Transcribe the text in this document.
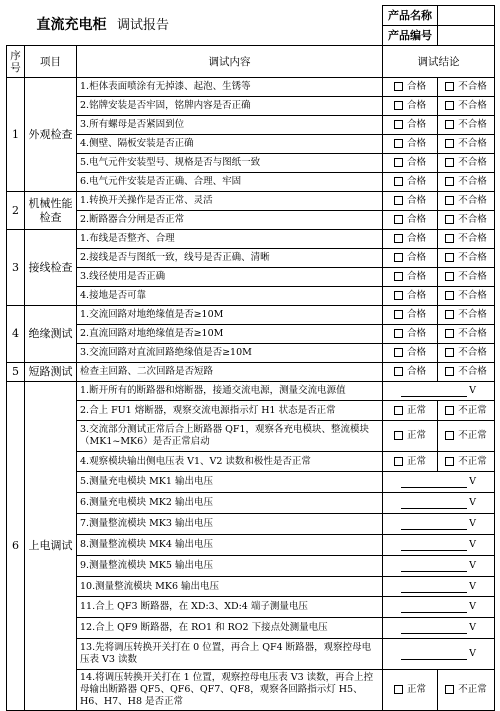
直流充电柜 调试报告			产品名称	
			产品编号	
序号	项目	调试内容	调试结论	
1	外观检查	1.柜体表面喷涂有无掉漆、起泡、生锈等	合格	不合格
		2.铭牌安装是否牢固，铭牌内容是否正确	合格	不合格
		3.所有螺母是否紧固到位	合格	不合格
		4.侧壁、隔板安装是否正确	合格	不合格
		5.电气元件安装型号、规格是否与图纸一致	合格	不合格
		6.电气元件安装是否正确、合理、牢固	合格	不合格
2	机械性能检查	1.转换开关操作是否正常、灵活	合格	不合格
		2.断路器合分闸是否正常	合格	不合格
3	接线检查	1.布线是否整齐、合理	合格	不合格
		2.接线是否与图纸一致，线号是否正确、清晰	合格	不合格
		3.线径使用是否正确	合格	不合格
		4.接地是否可靠	合格	不合格
4	绝缘测试	1.交流回路对地绝缘值是否≥10M	合格	不合格
		2.直流回路对地绝缘值是否≥10M	合格	不合格
		3.交流回路对直流回路绝缘值是否≥10M	合格	不合格
5	短路测试	检查主回路、二次回路是否短路	合格	不合格
6	上电调试	1.断开所有的断路器和熔断器，接通交流电源，测量交流电源值	V	
		2.合上 FU1 熔断器，观察交流电源指示灯 H1 状态是否正常	正常	不正常
		3.交流部分测试正常后合上断路器 QF1，观察各充电模块、整流模块（MK1~MK6）是否正常启动	正常	不正常
		4.观察模块输出侧电压表 V1、V2 读数和极性是否正常	正常	不正常
		5.测量充电模块 MK1 输出电压	V	
		6.测量充电模块 MK2 输出电压	V	
		7.测量整流模块 MK3 输出电压	V	
		8.测量整流模块 MK4 输出电压	V	
		9.测量整流模块 MK5 输出电压	V	
		10.测量整流模块 MK6 输出电压	V	
		11.合上 QF3 断路器，在 XD:3、XD:4 端子测量电压	V	
		12.合上 QF9 断路器，在 RO1 和 RO2 下接点处测量电压	V	
		13.先将调压转换开关打在 0 位置，再合上 QF4 断路器，观察控母电压表 V3 读数	V	
		14.将调压转换开关打在 1 位置，观察控母电压表 V3 读数，再合上控母输出断路器 QF5、QF6、QF7、QF8，观察各回路指示灯 H5、H6、H7、H8 是否正常	正常	不正常
